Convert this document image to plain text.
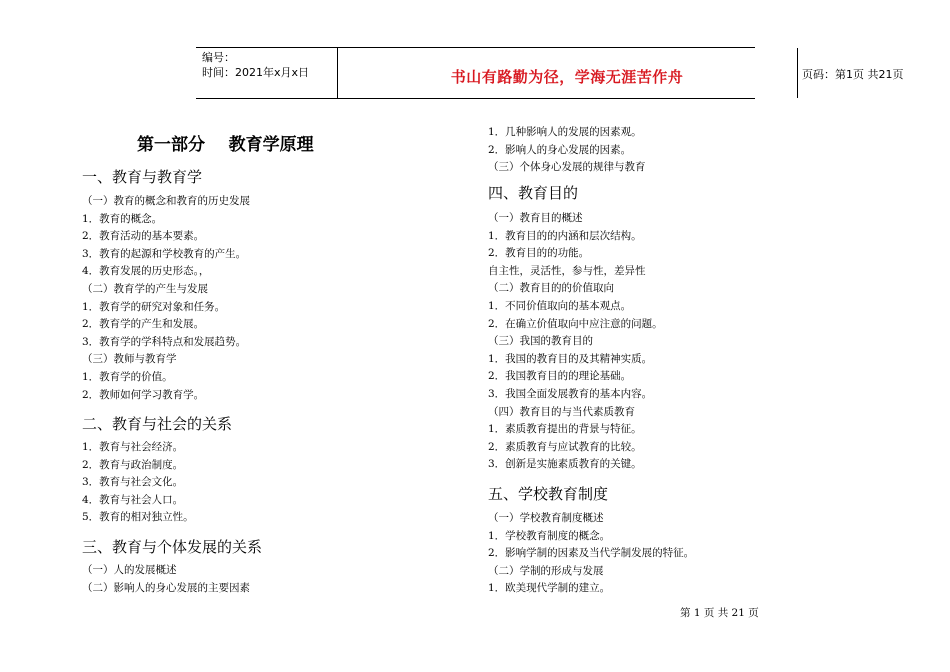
编号：
时间：2021年x月x日	书山有路勤为径，学海无涯苦作舟	页码：第1页 共21页
第一部分    教育学原理
一、教育与教育学
（一）教育的概念和教育的历史发展
1．教育的概念。
2．教育活动的基本要素。
3．教育的起源和学校教育的产生。
4．教育发展的历史形态。，
（二）教育学的产生与发展
1．教育学的研究对象和任务。
2．教育学的产生和发展。
3．教育学的学科特点和发展趋势。
（三）教师与教育学
1．教育学的价值。
2．教师如何学习教育学。
二、教育与社会的关系
1．教育与社会经济。
2．教育与政治制度。
3．教育与社会文化。
4．教育与社会人口。
5．教育的相对独立性。
三、教育与个体发展的关系
（一）人的发展概述
（二）影响人的身心发展的主要因素
1．几种影响人的发展的因素观。
2．影响人的身心发展的因素。
（三）个体身心发展的规律与教育
四、教育目的
（一）教育目的概述
1．教育目的的内涵和层次结构。
2．教育目的的功能。
自主性，灵活性，参与性，差异性
（二）教育目的的价值取向
1．不同价值取向的基本观点。
2．在确立价值取向中应注意的问题。
（三）我国的教育目的
1．我国的教育目的及其精神实质。
2．我国教育目的的理论基础。
3．我国全面发展教育的基本内容。
（四）教育目的与当代素质教育
1．素质教育提出的背景与特征。
2．素质教育与应试教育的比较。
3．创新是实施素质教育的关键。
五、学校教育制度
（一）学校教育制度概述
1．学校教育制度的概念。
2．影响学制的因素及当代学制发展的特征。
（二）学制的形成与发展
1．欧美现代学制的建立。
第 1 页 共 21 页
